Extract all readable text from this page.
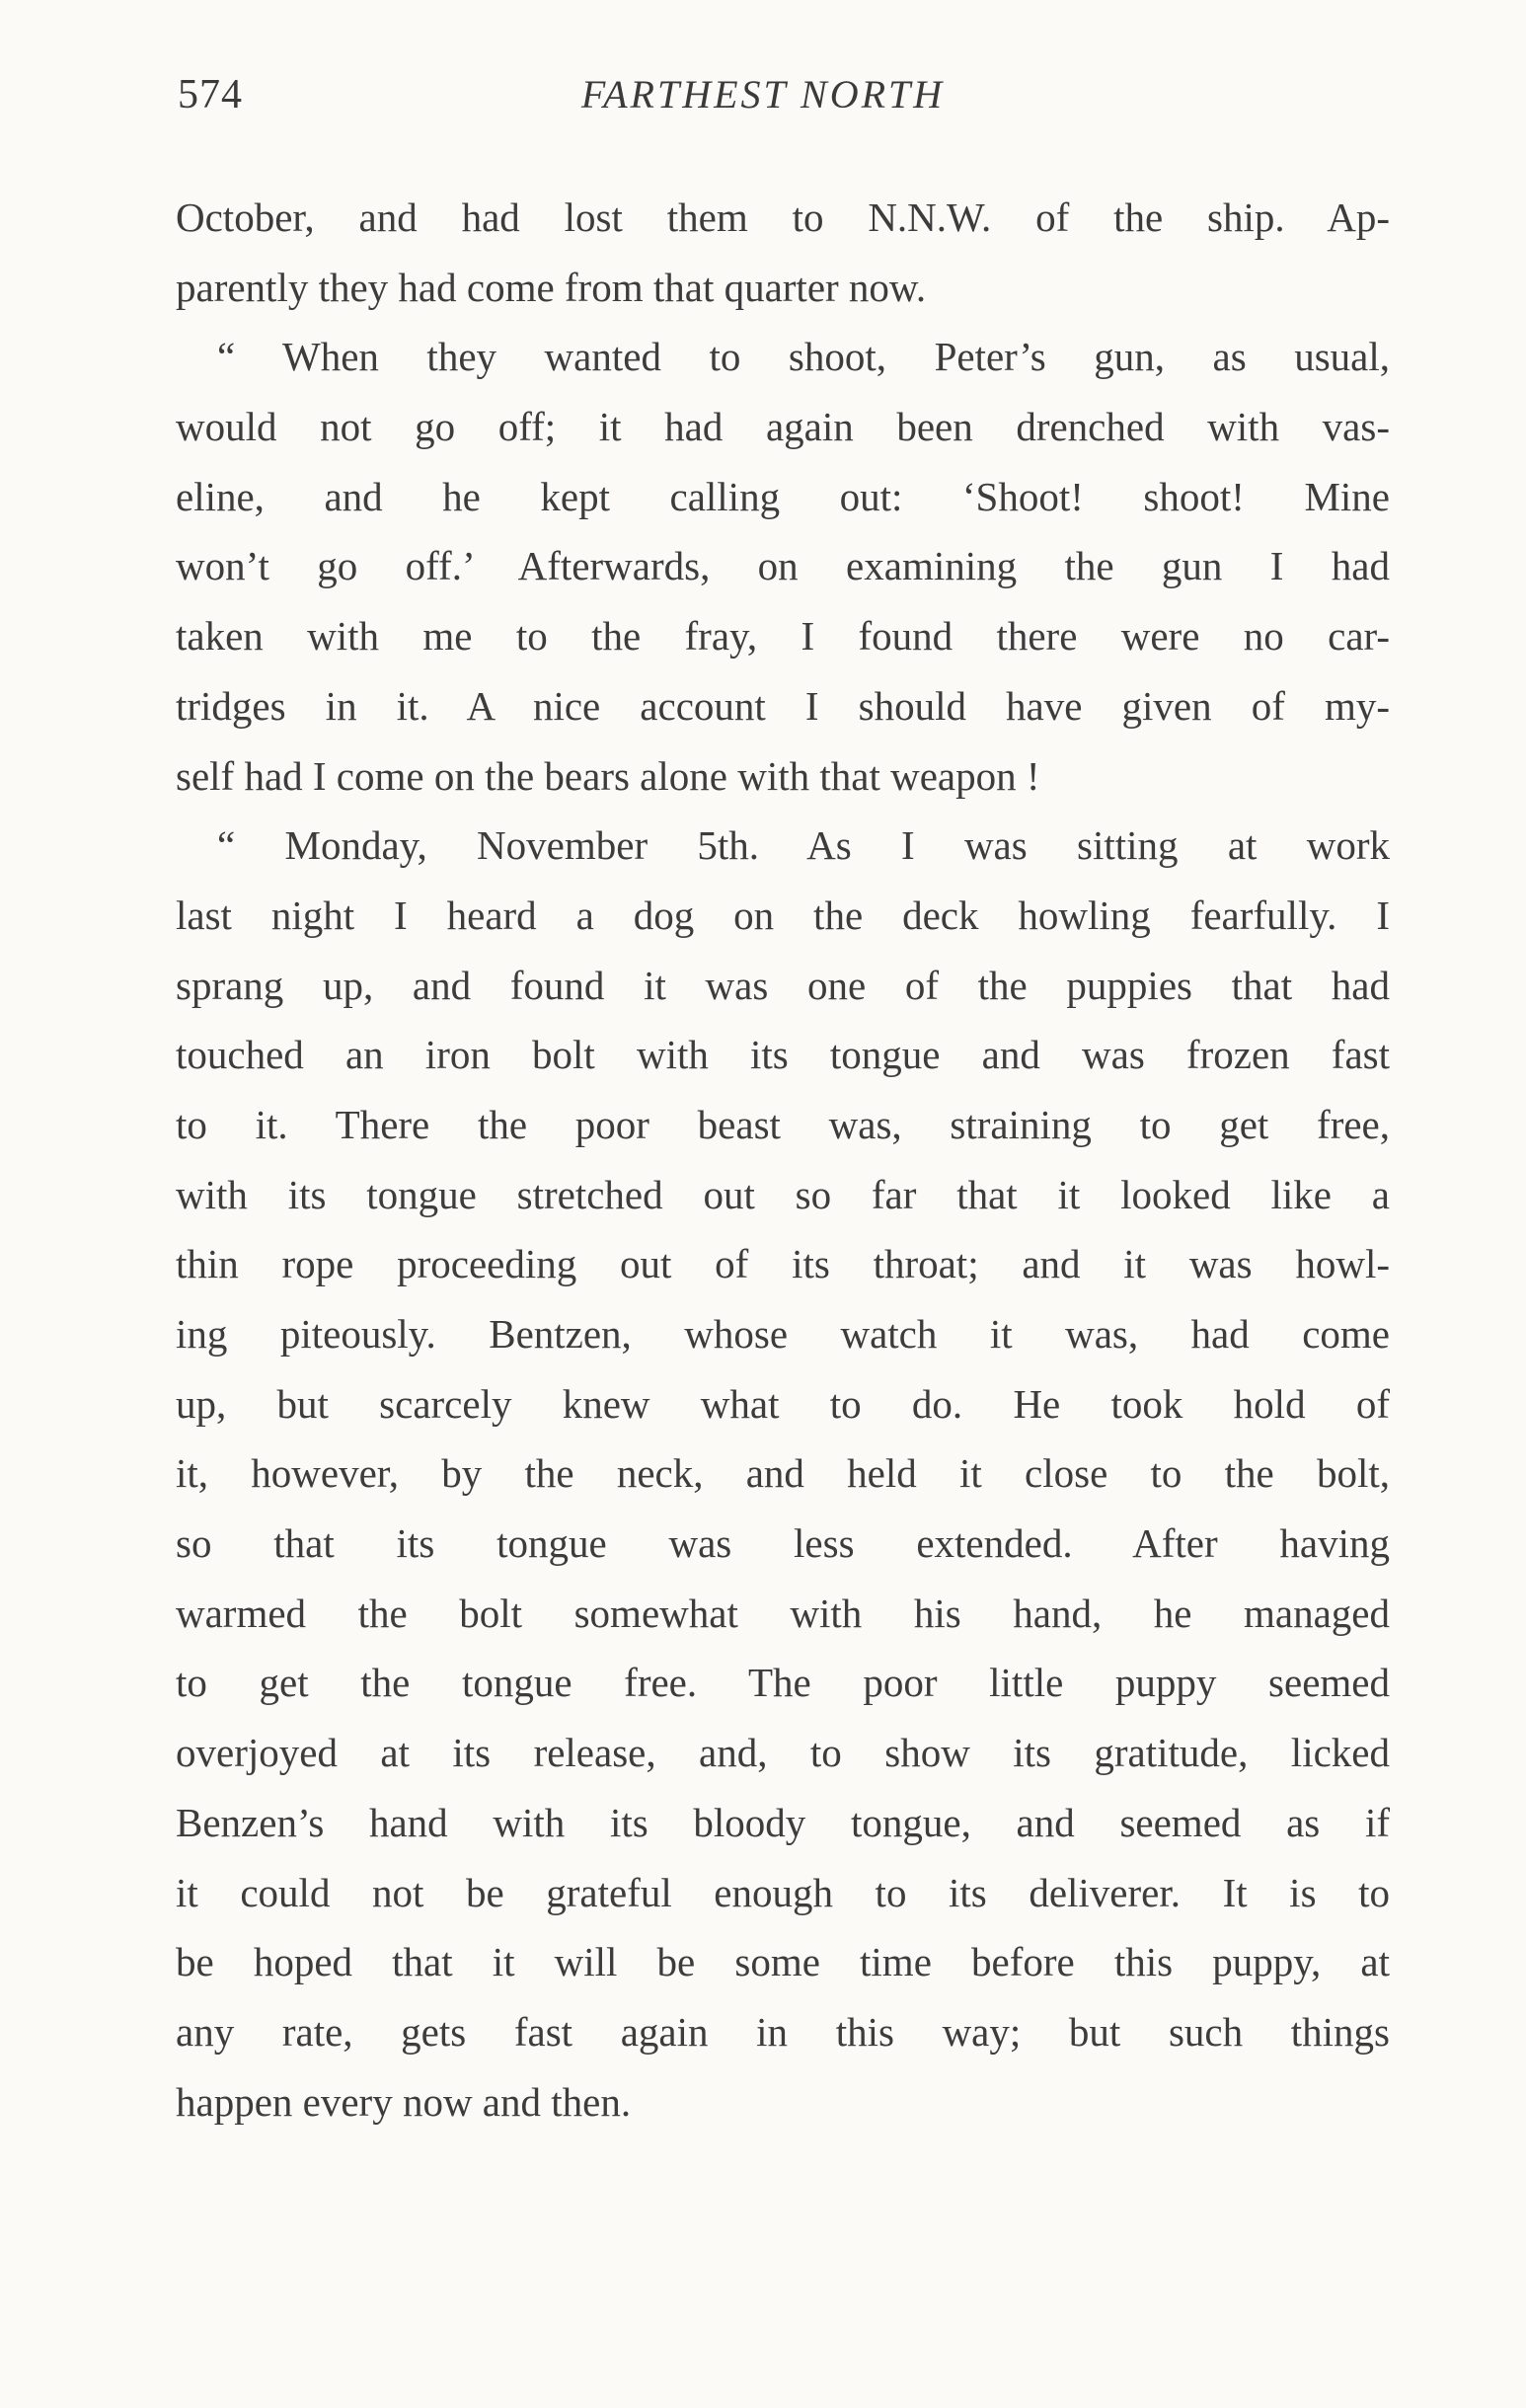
574	FARTHEST NORTH
October, and had lost them to N.N.W. of the ship. Ap-
parently they had come from that quarter now.
“ When they wanted to shoot, Peter’s gun, as usual,
would not go off; it had again been drenched with vas-
eline, and he kept calling out: ‘Shoot! shoot! Mine
won’t go off.’ Afterwards, on examining the gun I had
taken with me to the fray, I found there were no car-
tridges in it. A nice account I should have given of my-
self had I come on the bears alone with that weapon !
“ Monday, November 5th. As I was sitting at work
last night I heard a dog on the deck howling fearfully. I
sprang up, and found it was one of the puppies that had
touched an iron bolt with its tongue and was frozen fast
to it. There the poor beast was, straining to get free,
with its tongue stretched out so far that it looked like a
thin rope proceeding out of its throat; and it was howl-
ing piteously. Bentzen, whose watch it was, had come
up, but scarcely knew what to do. He took hold of
it, however, by the neck, and held it close to the bolt,
so that its tongue was less extended. After having
warmed the bolt somewhat with his hand, he managed
to get the tongue free. The poor little puppy seemed
overjoyed at its release, and, to show its gratitude, licked
Benzen’s hand with its bloody tongue, and seemed as if
it could not be grateful enough to its deliverer. It is to
be hoped that it will be some time before this puppy, at
any rate, gets fast again in this way; but such things
happen every now and then.
